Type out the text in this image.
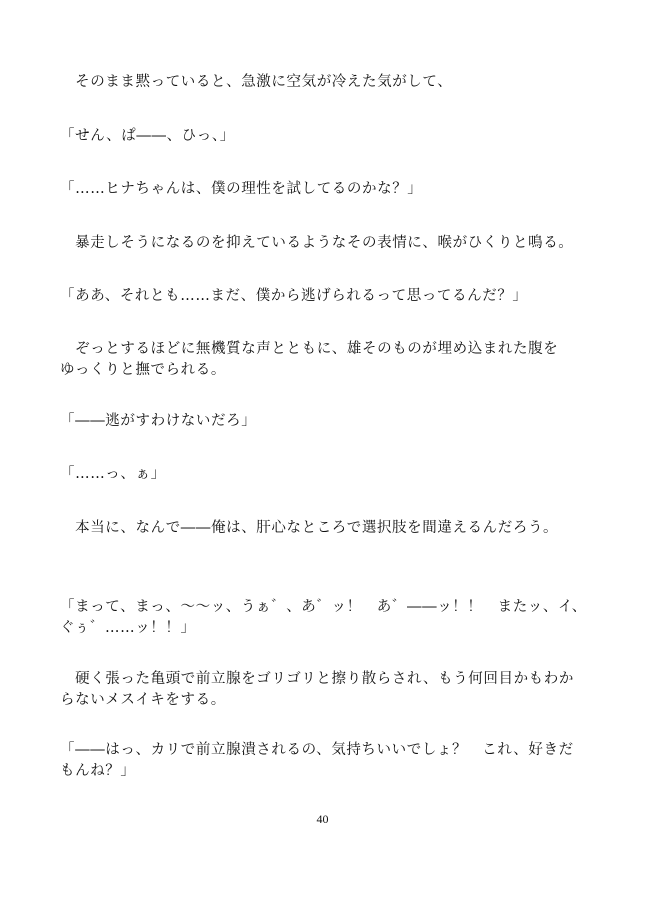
　そのまま黙っていると、急激に空気が冷えた気がして、
「せん、ぱ――、ひっ、」
「……ヒナちゃんは、僕の理性を試してるのかな？」
　暴走しそうになるのを抑えているようなその表情に、喉がひくりと鳴る。
「ああ、それとも……まだ、僕から逃げられるって思ってるんだ？」
　ぞっとするほどに無機質な声とともに、雄そのものが埋め込まれた腹を
ゆっくりと撫でられる。
「――逃がすわけないだろ」
「……っ、ぁ」
　本当に、なんで――俺は、肝心なところで選択肢を間違えるんだろう。
「まって、まっ、～～ッ、うぁ゛、あ゛ッ！　あ゛――ッ！！　またッ、イ、
ぐぅ゛……ッ！！」
　硬く張った亀頭で前立腺をゴリゴリと擦り散らされ、もう何回目かもわか
らないメスイキをする。
「――はっ、カリで前立腺潰されるの、気持ちいいでしょ？　これ、好きだ
もんね？」
40
